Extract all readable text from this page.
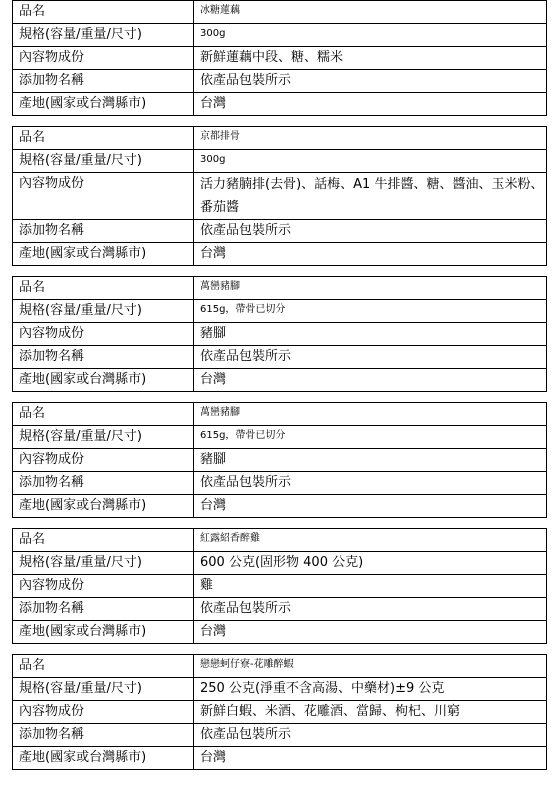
品名	冰糖蓮藕
規格(容量/重量/尺寸)	300g
內容物成份	新鮮蓮藕中段、糖、糯米
添加物名稱	依產品包裝所示
產地(國家或台灣縣市)	台灣
品名	京都排骨
規格(容量/重量/尺寸)	300g
內容物成份	活力豬腩排(去骨)、話梅、A1 牛排醬、糖、醬油、玉米粉、番茄醬
添加物名稱	依產品包裝所示
產地(國家或台灣縣市)	台灣
品名	萬巒豬腳
規格(容量/重量/尺寸)	615g，帶骨已切分
內容物成份	豬腳
添加物名稱	依產品包裝所示
產地(國家或台灣縣市)	台灣
品名	萬巒豬腳
規格(容量/重量/尺寸)	615g，帶骨已切分
內容物成份	豬腳
添加物名稱	依產品包裝所示
產地(國家或台灣縣市)	台灣
品名	紅露紹香醉雞
規格(容量/重量/尺寸)	600 公克(固形物 400 公克)
內容物成份	雞
添加物名稱	依產品包裝所示
產地(國家或台灣縣市)	台灣
品名	戀戀蚵仔寮-花雕醉蝦
規格(容量/重量/尺寸)	250 公克(淨重不含高湯、中藥材)±9 公克
內容物成份	新鮮白蝦、米酒、花雕酒、當歸、枸杞、川窮
添加物名稱	依產品包裝所示
產地(國家或台灣縣市)	台灣
